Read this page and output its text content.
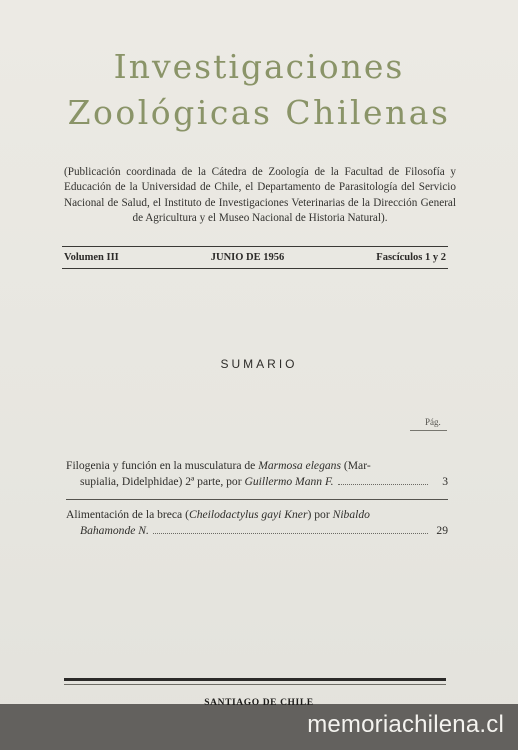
Investigaciones
Zoológicas Chilenas
(Publicación coordinada de la Cátedra de Zoología de la Facultad de Filosofía y Educación de la Universidad de Chile, el Departamento de Parasitología del Servicio Nacional de Salud, el Instituto de Investigaciones Veterinarias de la Dirección General de Agricultura y el Museo Nacional de Historia Natural).
Volumen III	JUNIO DE 1956	Fascículos 1 y 2
SUMARIO
Pág.
Filogenia y función en la musculatura de Marmosa elegans (Mar-
supialia, Didelphidae) 2ª parte, por Guillermo Mann F.	3
Alimentación de la breca (Cheilodactylus gayi Kner) por Nibaldo
Bahamonde N.	29
SANTIAGO DE CHILE
memoriachilena.cl
